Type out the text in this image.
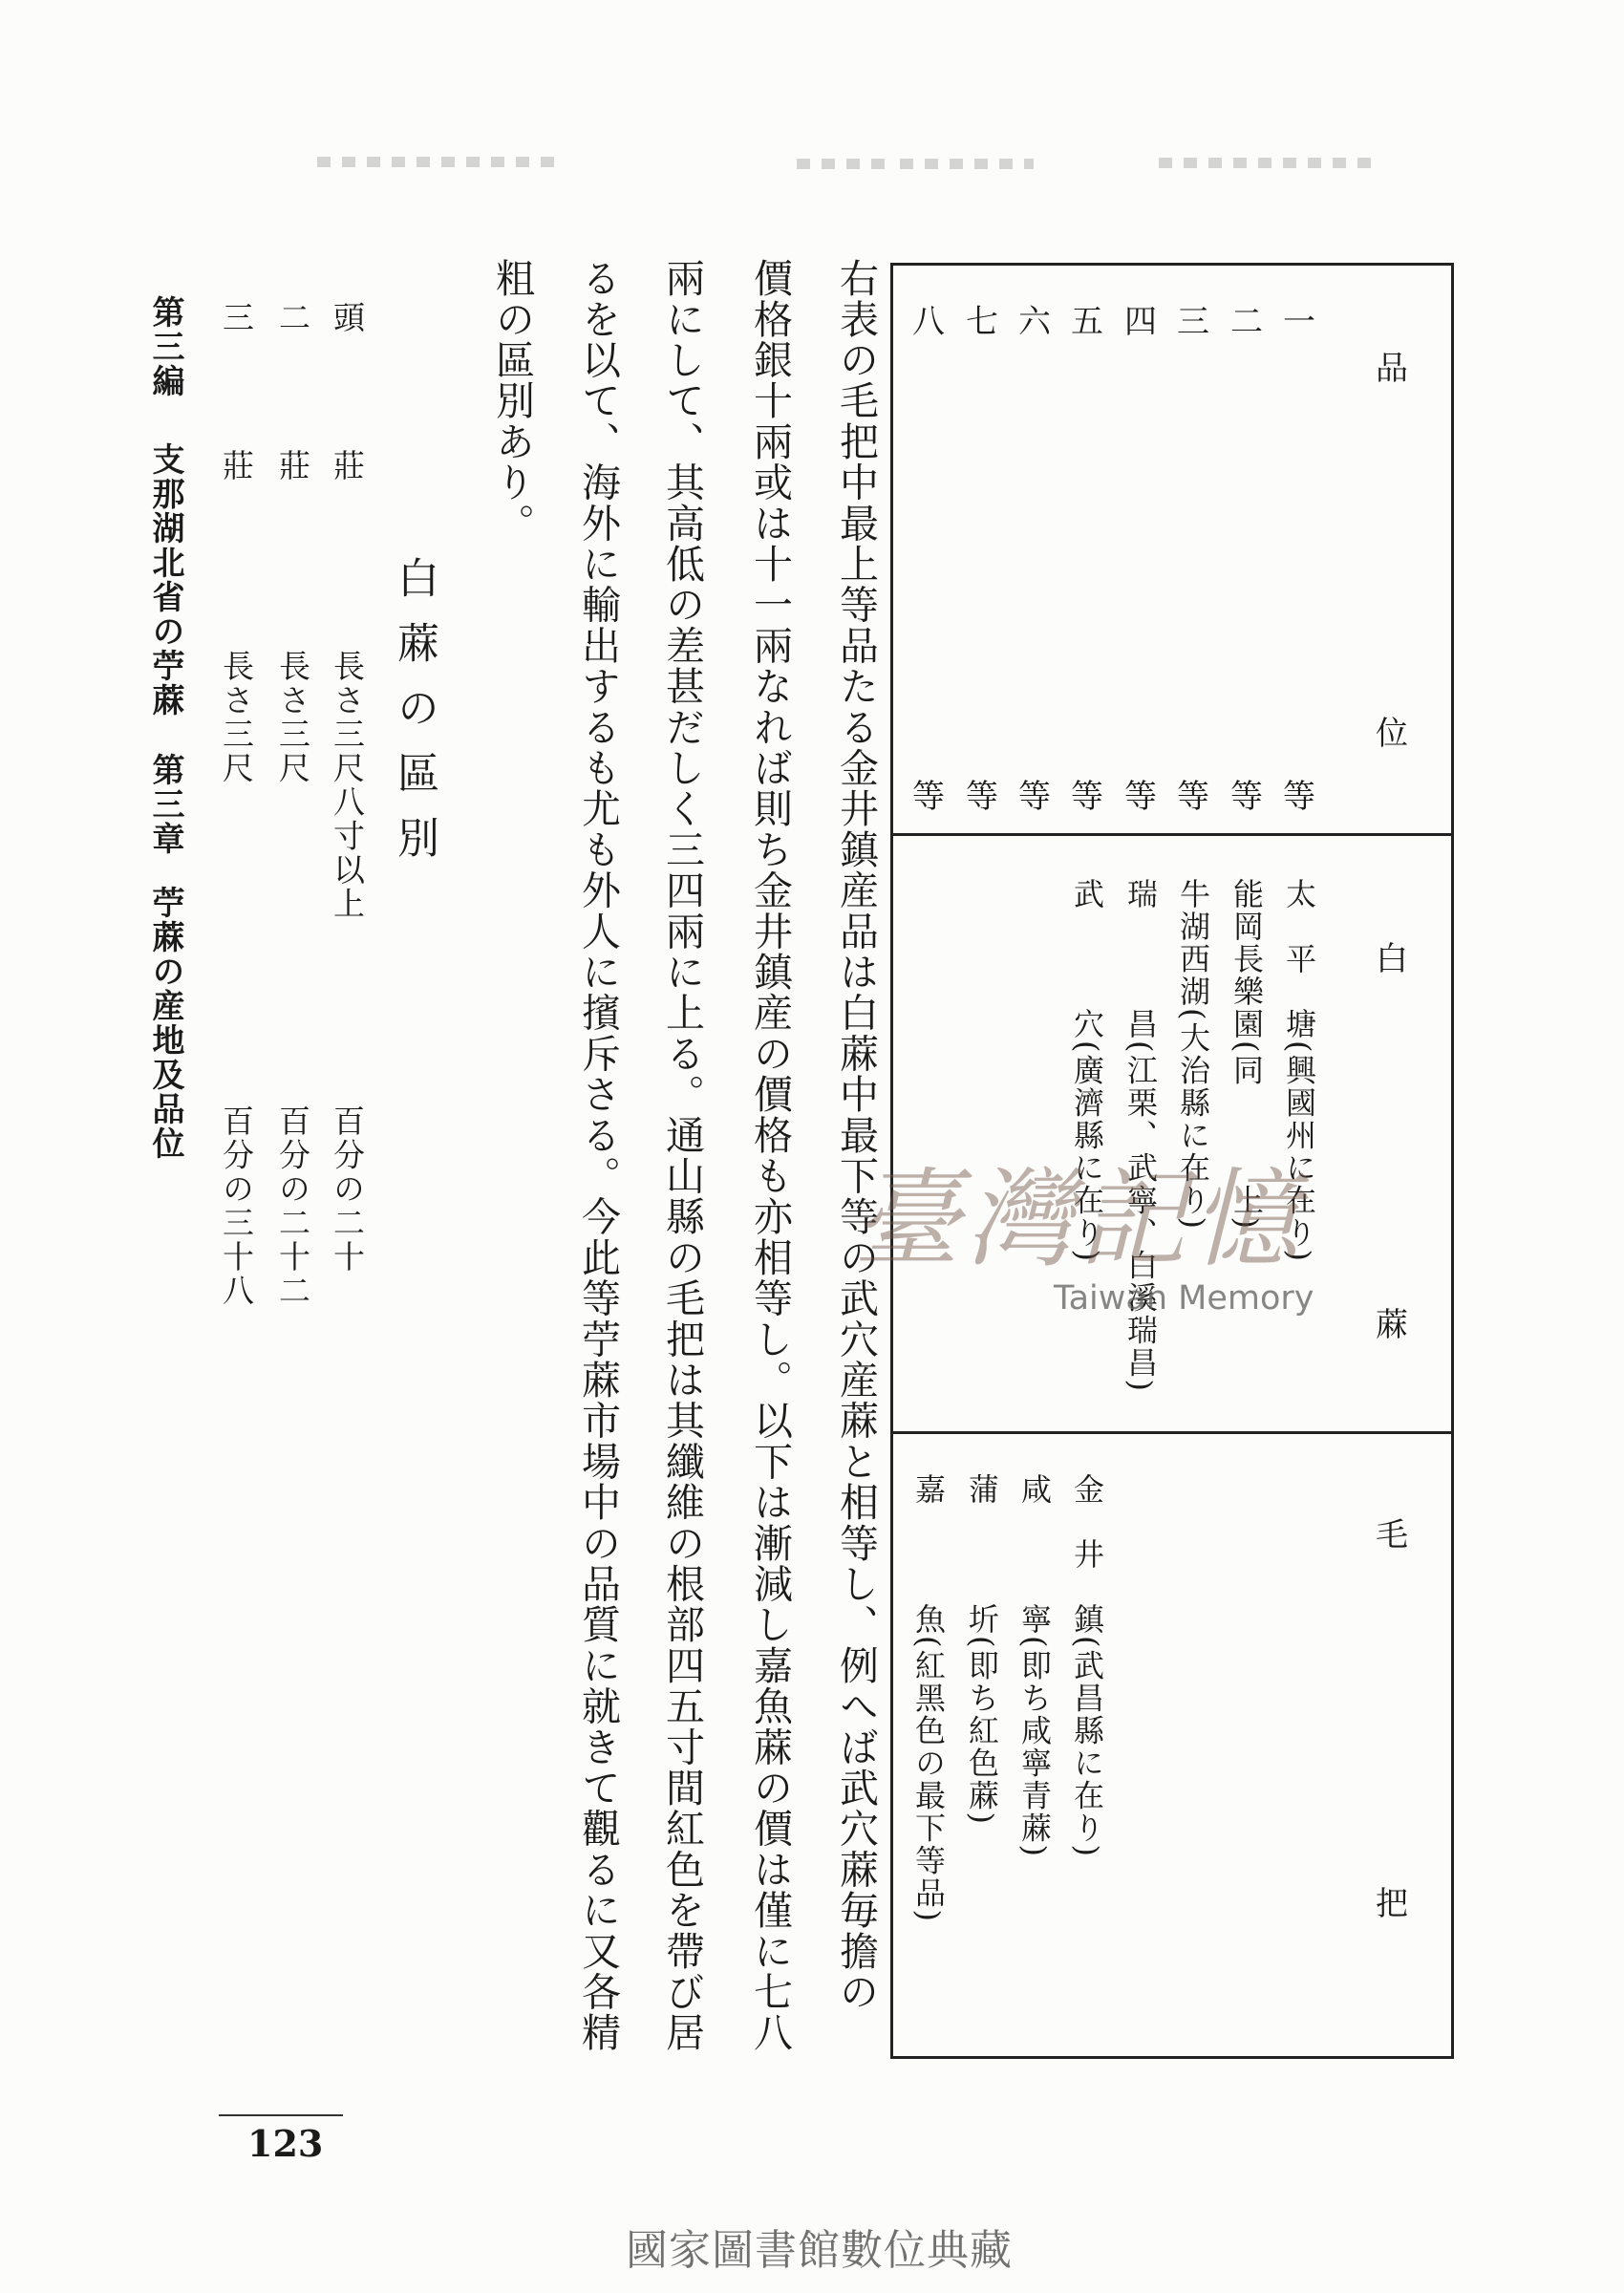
品
位
白
蔴
毛
把
一
等
二
等
三
等
四
等
五
等
六
等
七
等
八
等

太　平　塘(興國州に在り)

能岡長樂園(同　　　上)

牛湖西湖(大治縣に在り)

瑞　　　昌(江栗、武寧、白溪瑞昌)

武　　　穴(廣濟縣に在り)

金　井　鎮(武昌縣に在り)

咸　　　寧(即ち咸寧青蔴)

蒲　　　圻(即ち紅色蔴)

嘉　　　魚(紅黑色の最下等品)

右表の毛把中最上等品たる金井鎮産品は白蔴中最下等の武穴産蔴と相等し、例へば武穴蔴毎擔の

價格銀十兩或は十一兩なれば則ち金井鎮産の價格も亦相等し。以下は漸減し嘉魚蔴の價は僅に七八

兩にして、其高低の差甚だしく三四兩に上る。通山縣の毛把は其纖維の根部四五寸間紅色を帶び居

るを以て、海外に輸出するも尤も外人に擯斥さる。今此等苧蔴市場中の品質に就きて觀るに又各精

粗の區別あり。

白蔴の區別

頭

莊

長さ三尺八寸以上

百分の二十

二

莊

長さ三尺

百分の二十二

三

莊

長さ三尺

百分の三十八

第三編

支那湖北省の苧蔴

第三章

苧蔴の産地及品位

123
國家圖書館數位典藏
臺灣記憶
Taiwan Memory
